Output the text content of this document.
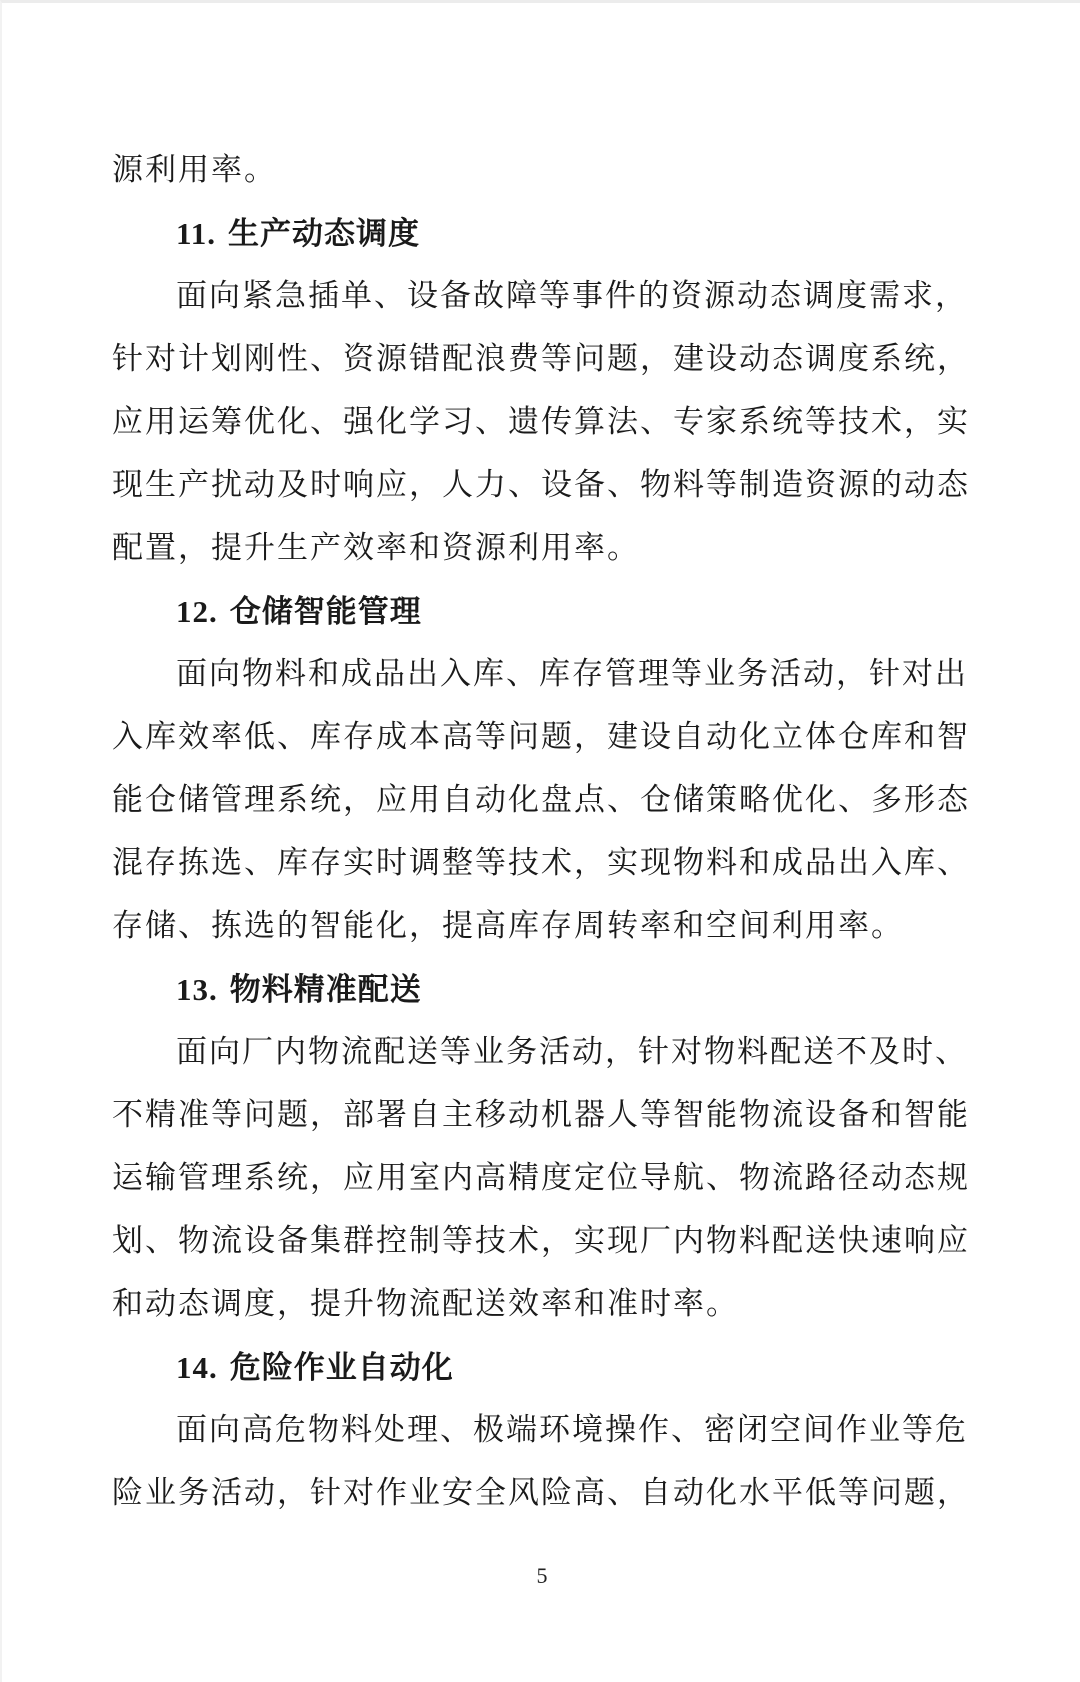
源利用率。
11. 生产动态调度
面向紧急插单、设备故障等事件的资源动态调度需求，
针对计划刚性、资源错配浪费等问题，建设动态调度系统，
应用运筹优化、强化学习、遗传算法、专家系统等技术，实
现生产扰动及时响应，人力、设备、物料等制造资源的动态
配置，提升生产效率和资源利用率。
12. 仓储智能管理
面向物料和成品出入库、库存管理等业务活动，针对出
入库效率低、库存成本高等问题，建设自动化立体仓库和智
能仓储管理系统，应用自动化盘点、仓储策略优化、多形态
混存拣选、库存实时调整等技术，实现物料和成品出入库、
存储、拣选的智能化，提高库存周转率和空间利用率。
13. 物料精准配送
面向厂内物流配送等业务活动，针对物料配送不及时、
不精准等问题，部署自主移动机器人等智能物流设备和智能
运输管理系统，应用室内高精度定位导航、物流路径动态规
划、物流设备集群控制等技术，实现厂内物料配送快速响应
和动态调度，提升物流配送效率和准时率。
14. 危险作业自动化
面向高危物料处理、极端环境操作、密闭空间作业等危
险业务活动，针对作业安全风险高、自动化水平低等问题，
5
